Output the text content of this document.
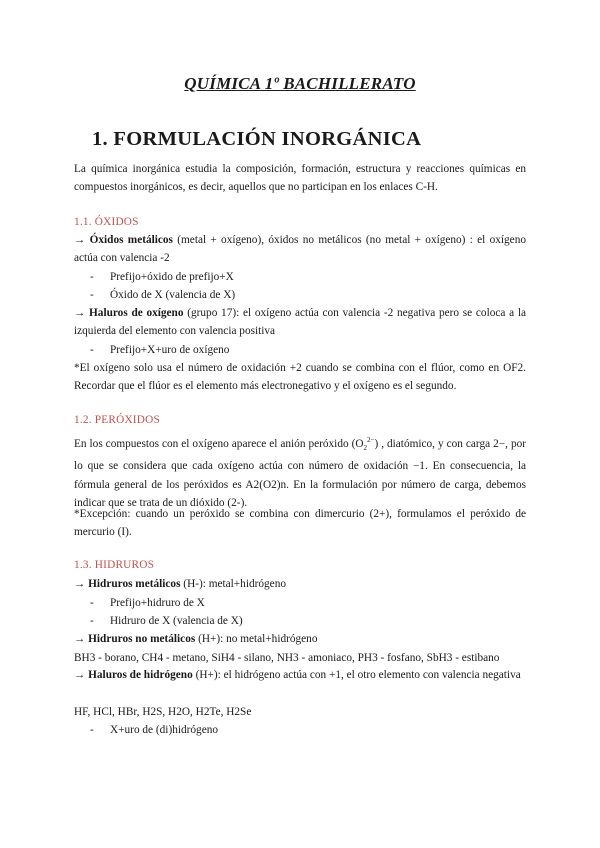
QUÍMICA 1º BACHILLERATO
1. FORMULACIÓN INORGÁNICA
La química inorgánica estudia la composición, formación, estructura y reacciones químicas en compuestos inorgánicos, es decir, aquellos que no participan en los enlaces C-H.
1.1. ÓXIDOS
→ Óxidos metálicos (metal + oxígeno), óxidos no metálicos (no metal + oxígeno) : el oxígeno actúa con valencia -2
- Prefijo+óxido de prefijo+X
- Óxido de X (valencia de X)
→ Haluros de oxígeno (grupo 17): el oxígeno actúa con valencia -2 negativa pero se coloca a la izquierda del elemento con valencia positiva
- Prefijo+X+uro de oxígeno
*El oxígeno solo usa el número de oxidación +2 cuando se combina con el flúor, como en OF2. Recordar que el flúor es el elemento más electronegativo y el oxígeno es el segundo.
1.2. PERÓXIDOS
En los compuestos con el oxígeno aparece el anión peróxido $(O_2^{2-})$ , diatómico, y con carga 2−, por lo que se considera que cada oxígeno actúa con número de oxidación −1. En consecuencia, la fórmula general de los peróxidos es A2(O2)n. En la formulación por número de carga, debemos indicar que se trata de un dióxido (2-).
*Excepción: cuando un peróxido se combina con dimercurio (2+), formulamos el peróxido de mercurio (I).
1.3. HIDRUROS
→ Hidruros metálicos (H-): metal+hidrógeno
- Prefijo+hidruro de X
- Hidruro de X (valencia de X)
→ Hidruros no metálicos (H+): no metal+hidrógeno
BH3 - borano, CH4 - metano, SiH4 - silano, NH3 - amoniaco, PH3 - fosfano, SbH3 - estibano
→ Haluros de hidrógeno (H+): el hidrógeno actúa con +1, el otro elemento con valencia negativa
HF, HCl, HBr, H2S, H2O, H2Te, H2Se
- X+uro de (di)hidrógeno
